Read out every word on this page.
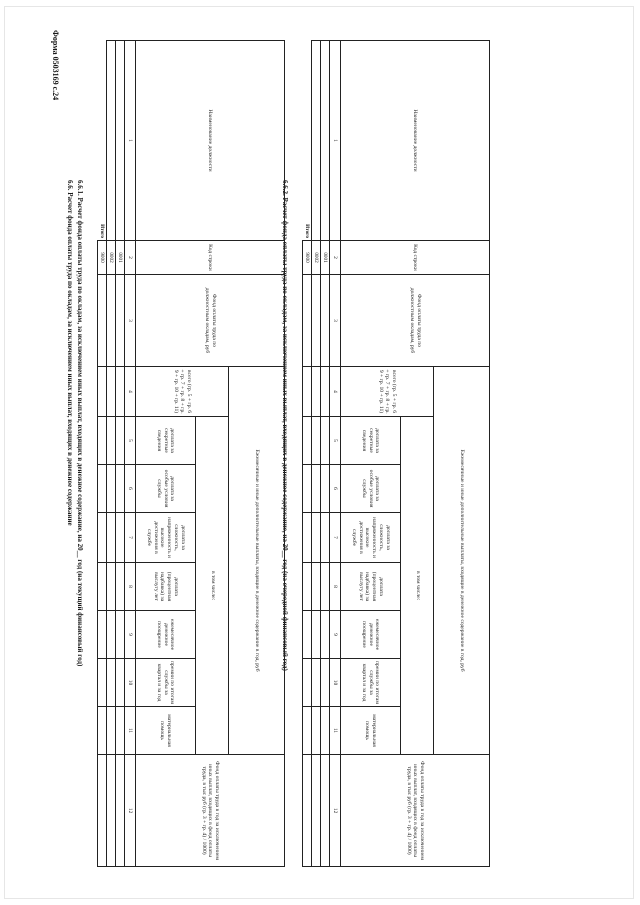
Форма 0503169 с.24
6.6. Расчет фонда оплаты труда по окладам, за исключением иных выплат, входящих в денежное содержание 6.6.1. Расчет фонда оплаты труда по окладам, за исключением иных выплат, входящих в денежное содержание, на 20__ год (на текущий финансовый год)	6.6.2. Расчет фонда оплаты труда по окладам, за исключением иных выплат, входящих в денежное содержание, на 20__ год (на очередной финансовый год)
Наименование должности	Код строки	Фонд оплаты труда по должностным окладам, руб	Ежемесячные и иные дополнительные выплаты, входящие в денежное содержание в год, руб								Фонд оплаты труда в год за исключением иных выплат, входящих в фонд оплаты труда, в тыс руб (гр. 3 + гр. 4) / 1000)
			всего (гр. 5 + гр. 6 + гр. 7 + гр. 8 + гр. 9 + гр. 10 + гр. 11)	в том числе:							
				доплата за секретные сведения	доплата за особые условия службы	доплата за сложность, напряженность и высокие достижения в службе	доплата (процентная надбавка) за выслугу лет	ежемесячное денежное поощрение	премии по итогам службы за квартал и за год	материальная помощь	
1	2	3	4	5	6	7	8	9	10	11	12
	0001										
	0002										
Итого	9000										
Наименование должности	Код строки	Фонд оплаты труда по должностным окладам, руб	Ежемесячные и иные дополнительные выплаты, входящие в денежное содержание в год, руб								Фонд оплаты труда в год за исключением иных выплат, входящих в фонд оплаты труда, в тыс руб (гр. 3 + гр. 4) / 1000)
			всего (гр. 5 + гр. 6 + гр. 7 + гр. 8 + гр. 9 + гр. 10 + гр. 11)	в том числе:							
				доплата за секретные сведения	доплата за особые условия службы	доплата за сложность, напряженность и высокие достижения в службе	доплата (процентная надбавка) за выслугу лет	ежемесячное денежное поощрение	премии по итогам службы за квартал и за год	материальная помощь	
1	2	3	4	5	6	7	8	9	10	11	12
	0001										
	0002										
Итого	9000										
